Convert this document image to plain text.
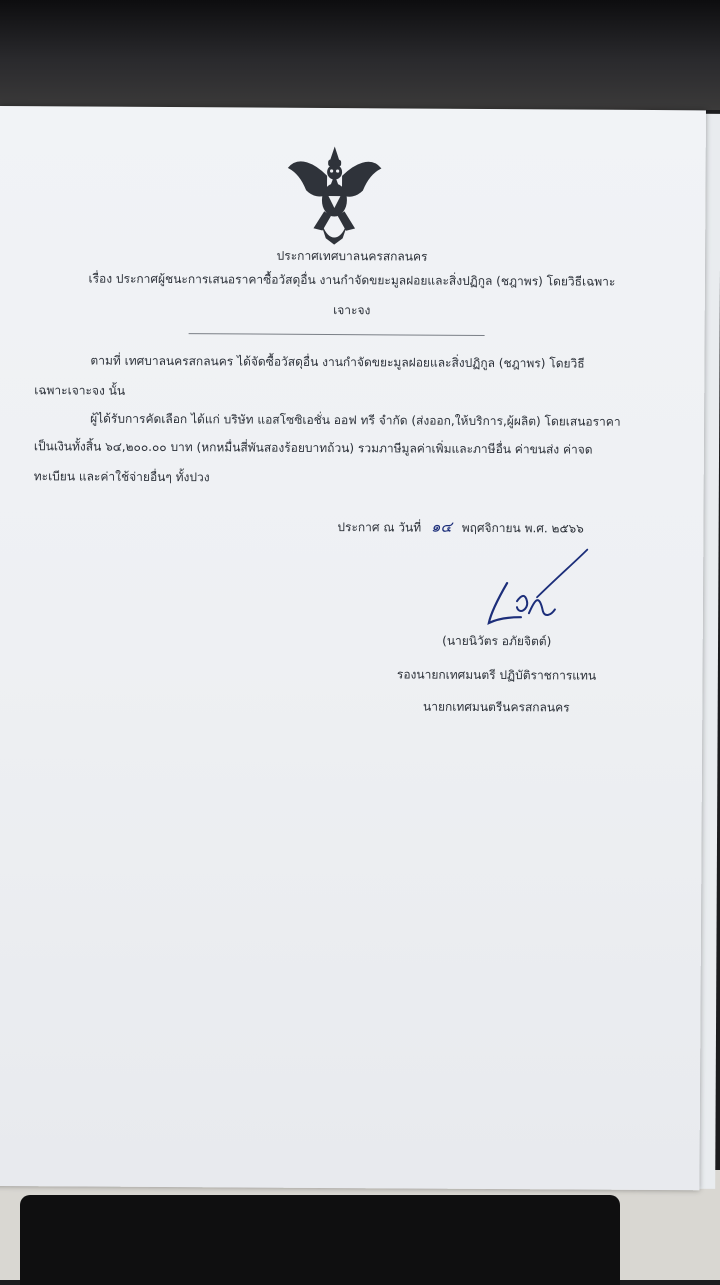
ประกาศเทศบาลนครสกลนคร
เรื่อง ประกาศผู้ชนะการเสนอราคาซื้อวัสดุอื่น งานกำจัดขยะมูลฝอยและสิ่งปฏิกูล (ชฎาพร) โดยวิธีเฉพาะ
เจาะจง
ตามที่ เทศบาลนครสกลนคร ได้จัดซื้อวัสดุอื่น งานกำจัดขยะมูลฝอยและสิ่งปฏิกูล (ชฎาพร) โดยวิธี
เฉพาะเจาะจง นั้น
ผู้ได้รับการคัดเลือก ได้แก่ บริษัท แอสโซซิเอชั่น ออฟ ทรี จำกัด (ส่งออก,ให้บริการ,ผู้ผลิต) โดยเสนอราคา
เป็นเงินทั้งสิ้น ๖๔,๒๐๐.๐๐ บาท (หกหมื่นสี่พันสองร้อยบาทถ้วน) รวมภาษีมูลค่าเพิ่มและภาษีอื่น ค่าขนส่ง ค่าจด
ทะเบียน และค่าใช้จ่ายอื่นๆ ทั้งปวง
ประกาศ ณ วันที่ ๑๔ พฤศจิกายน พ.ศ. ๒๕๖๖
(นายนิวัตร อภัยจิตต์)
รองนายกเทศมนตรี ปฏิบัติราชการแทน
นายกเทศมนตรีนครสกลนคร
